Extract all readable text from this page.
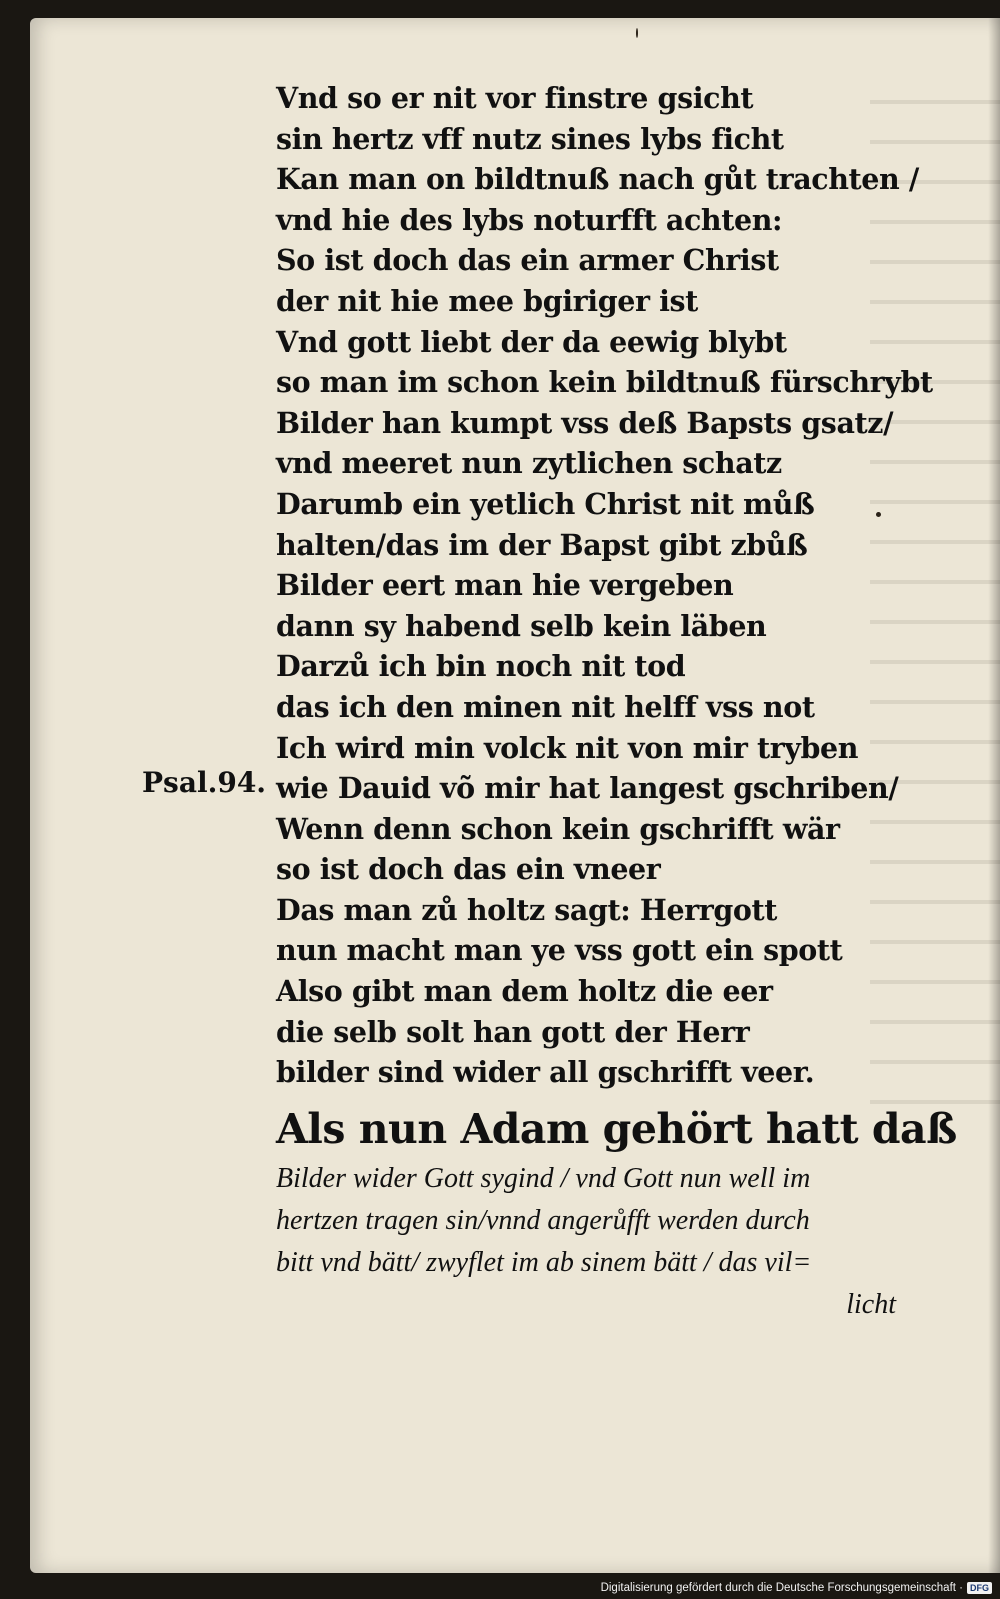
Vnd so er nit vor finstre gsicht
sin hertz vff nutz sines lybs ficht
Kan man on bildtnuß nach gůt trachten /
vnd hie des lybs noturfft achten:
So ist doch das ein armer Christ
der nit hie mee bgiriger ist
Vnd gott liebt der da eewig blybt
so man im schon kein bildtnuß fürschrybt
Bilder han kumpt vss deß Bapsts gsatz/
vnd meeret nun zytlichen schatz
Darumb ein yetlich Christ nit můß
halten/das im der Bapst gibt zbůß
Bilder eert man hie vergeben
dann sy habend selb kein läben
Darzů ich bin noch nit tod
das ich den minen nit helff vss not
Ich wird min volck nit von mir tryben
wie Dauid võ mir hat langest gschriben/
Wenn denn schon kein gschrifft wär
so ist doch das ein vneer
Das man zů holtz sagt: Herrgott
nun macht man ye vss gott ein spott
Also gibt man dem holtz die eer
die selb solt han gott der Herr
bilder sind wider all gschrifft veer.
Psal.94.
Als nun Adam gehört hatt daß
Bilder wider Gott sygind / vnd Gott nun well im
hertzen tragen sin/vnnd angerůfft werden durch
bitt vnd bätt/ zwyflet im ab sinem bätt / das vil=
licht
Digitalisierung gefördert durch die Deutsche Forschungsgemeinschaft · DFG
